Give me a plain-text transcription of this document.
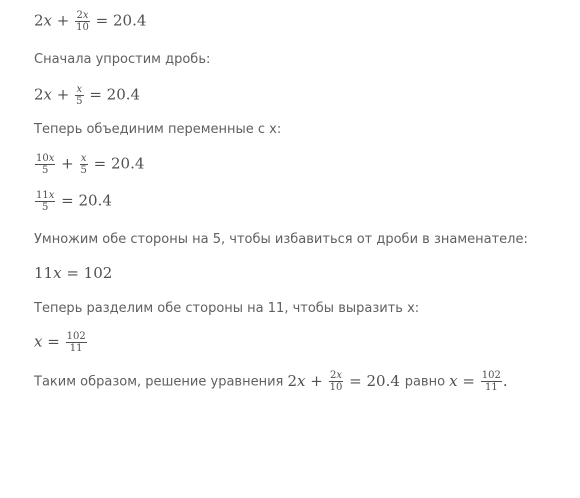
$2x + \frac{2x}{10} = 20.4$
Сначала упростим дробь:
$2x + \frac{x}{5} = 20.4$
Теперь объединим переменные с x:
$\frac{10x}{5} + \frac{x}{5} = 20.4$
$\frac{11x}{5} = 20.4$
Умножим обе стороны на 5, чтобы избавиться от дроби в знаменателе:
11x = 102
Теперь разделим обе стороны на 11, чтобы выразить x:
$x = \frac{102}{11}$
Таким образом, решение уравнения $2x + \frac{2x}{10} = 20.4$ равно $x = \frac{102}{11}$ .
